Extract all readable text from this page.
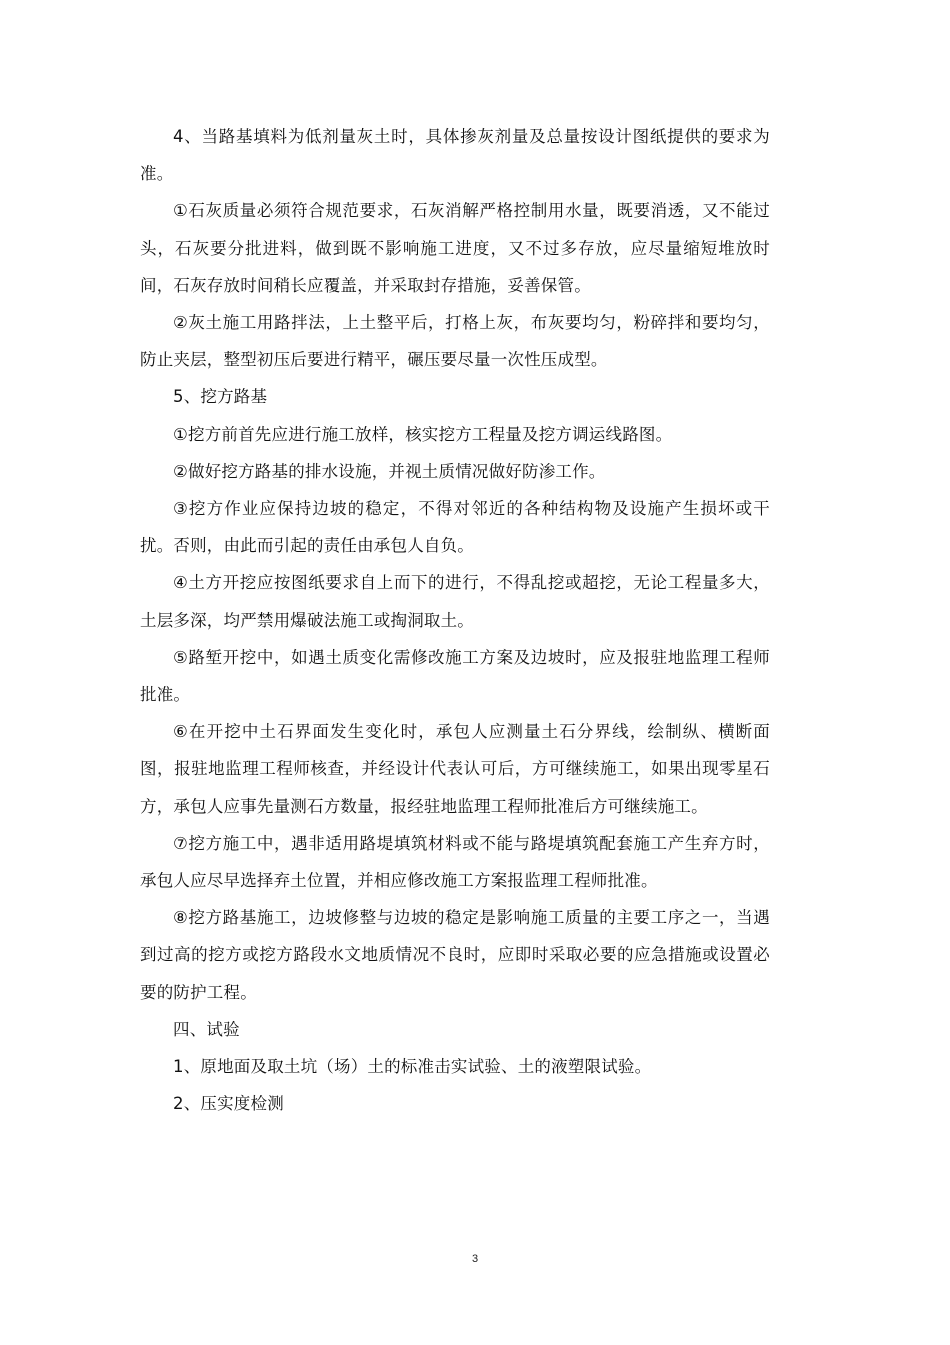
4、当路基填料为低剂量灰土时，具体掺灰剂量及总量按设计图纸提供的要求为准。

①石灰质量必须符合规范要求，石灰消解严格控制用水量，既要消透，又不能过头，石灰要分批进料，做到既不影响施工进度，又不过多存放，应尽量缩短堆放时间，石灰存放时间稍长应覆盖，并采取封存措施，妥善保管。

②灰土施工用路拌法，上土整平后，打格上灰，布灰要均匀，粉碎拌和要均匀，防止夹层，整型初压后要进行精平，碾压要尽量一次性压成型。

5、挖方路基

①挖方前首先应进行施工放样，核实挖方工程量及挖方调运线路图。

②做好挖方路基的排水设施，并视土质情况做好防渗工作。

③挖方作业应保持边坡的稳定，不得对邻近的各种结构物及设施产生损坏或干扰。否则，由此而引起的责任由承包人自负。

④土方开挖应按图纸要求自上而下的进行，不得乱挖或超挖，无论工程量多大，土层多深，均严禁用爆破法施工或掏洞取土。

⑤路堑开挖中，如遇土质变化需修改施工方案及边坡时，应及报驻地监理工程师批准。

⑥在开挖中土石界面发生变化时，承包人应测量土石分界线，绘制纵、横断面图，报驻地监理工程师核查，并经设计代表认可后，方可继续施工，如果出现零星石方，承包人应事先量测石方数量，报经驻地监理工程师批准后方可继续施工。

⑦挖方施工中，遇非适用路堤填筑材料或不能与路堤填筑配套施工产生弃方时，承包人应尽早选择弃土位置，并相应修改施工方案报监理工程师批准。

⑧挖方路基施工，边坡修整与边坡的稳定是影响施工质量的主要工序之一，当遇到过高的挖方或挖方路段水文地质情况不良时，应即时采取必要的应急措施或设置必要的防护工程。

四、试验

1、原地面及取土坑（场）土的标准击实试验、土的液塑限试验。

2、压实度检测

3
